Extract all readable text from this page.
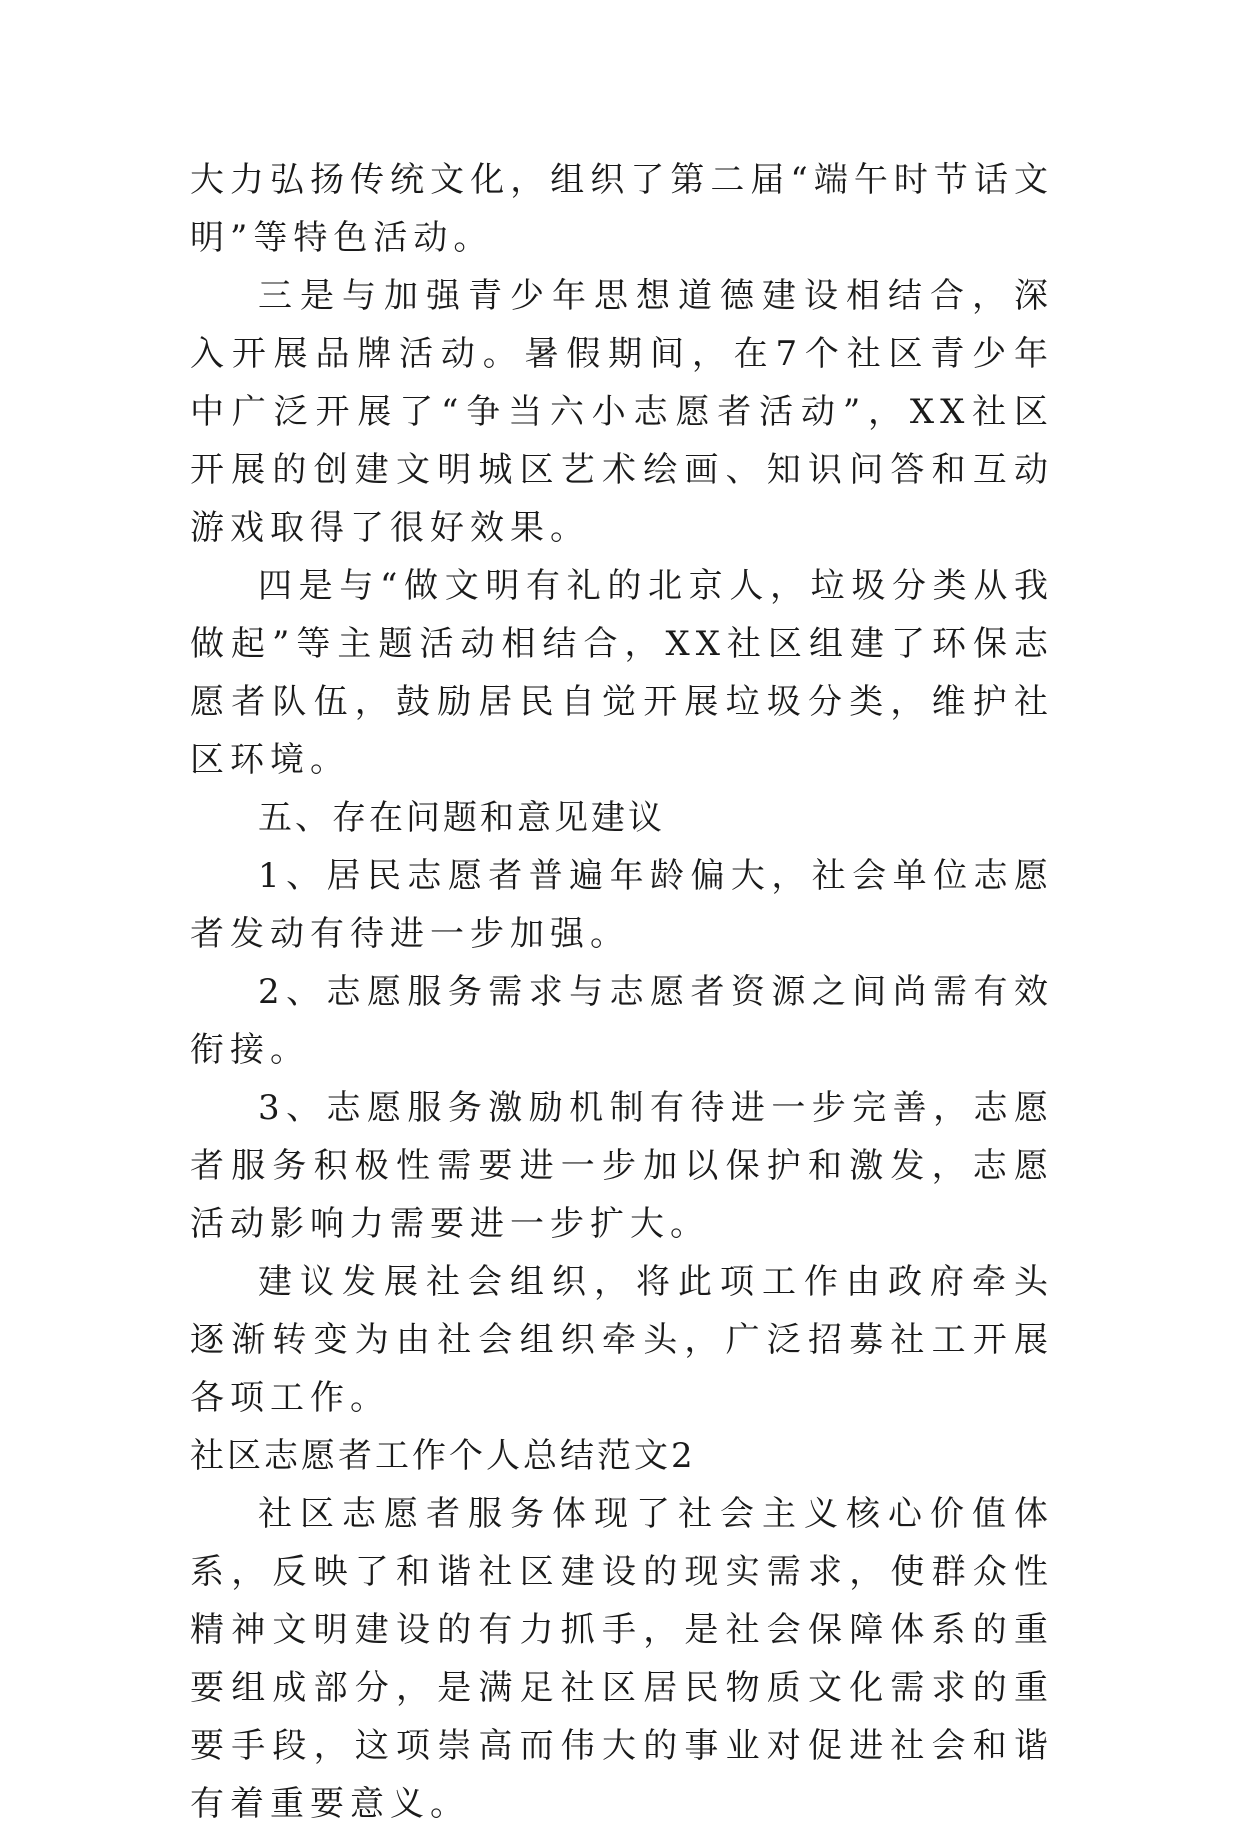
大力弘扬传统文化，组织了第二届“端午时节话文明”等特色活动。

三是与加强青少年思想道德建设相结合，深入开展品牌活动。暑假期间，在7个社区青少年中广泛开展了“争当六小志愿者活动”，XX社区开展的创建文明城区艺术绘画、知识问答和互动游戏取得了很好效果。

四是与“做文明有礼的北京人，垃圾分类从我做起”等主题活动相结合，XX社区组建了环保志愿者队伍，鼓励居民自觉开展垃圾分类，维护社区环境。

五、存在问题和意见建议

1、居民志愿者普遍年龄偏大，社会单位志愿者发动有待进一步加强。

2、志愿服务需求与志愿者资源之间尚需有效衔接。

3、志愿服务激励机制有待进一步完善，志愿者服务积极性需要进一步加以保护和激发，志愿活动影响力需要进一步扩大。

建议发展社会组织，将此项工作由政府牵头逐渐转变为由社会组织牵头，广泛招募社工开展各项工作。

社区志愿者工作个人总结范文2

社区志愿者服务体现了社会主义核心价值体系，反映了和谐社区建设的现实需求，使群众性精神文明建设的有力抓手，是社会保障体系的重要组成部分，是满足社区居民物质文化需求的重要手段，这项崇高而伟大的事业对促进社会和谐有着重要意义。
